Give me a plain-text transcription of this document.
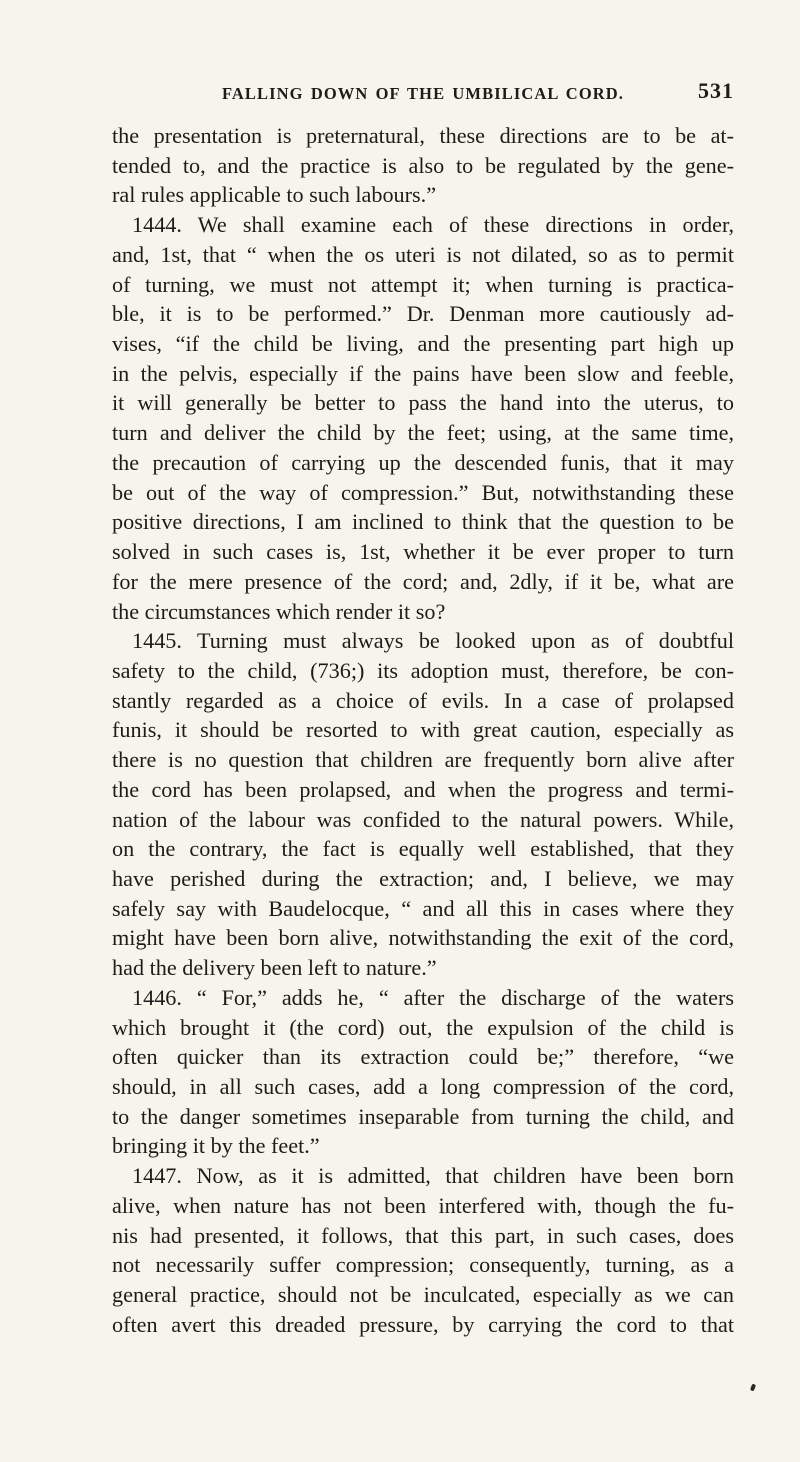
FALLING DOWN OF THE UMBILICAL CORD.	531
the presentation is preternatural, these directions are to be at-
tended to, and the practice is also to be regulated by the gene-
ral rules applicable to such labours.”
1444. We shall examine each of these directions in order,
and, 1st, that “ when the os uteri is not dilated, so as to permit
of turning, we must not attempt it; when turning is practica-
ble, it is to be performed.” Dr. Denman more cautiously ad-
vises, “if the child be living, and the presenting part high up
in the pelvis, especially if the pains have been slow and feeble,
it will generally be better to pass the hand into the uterus, to
turn and deliver the child by the feet; using, at the same time,
the precaution of carrying up the descended funis, that it may
be out of the way of compression.” But, notwithstanding these
positive directions, I am inclined to think that the question to be
solved in such cases is, 1st, whether it be ever proper to turn
for the mere presence of the cord; and, 2dly, if it be, what are
the circumstances which render it so?
1445. Turning must always be looked upon as of doubtful
safety to the child, (736;) its adoption must, therefore, be con-
stantly regarded as a choice of evils. In a case of prolapsed
funis, it should be resorted to with great caution, especially as
there is no question that children are frequently born alive after
the cord has been prolapsed, and when the progress and termi-
nation of the labour was confided to the natural powers. While,
on the contrary, the fact is equally well established, that they
have perished during the extraction; and, I believe, we may
safely say with Baudelocque, “ and all this in cases where they
might have been born alive, notwithstanding the exit of the cord,
had the delivery been left to nature.”
1446. “ For,” adds he, “ after the discharge of the waters
which brought it (the cord) out, the expulsion of the child is
often quicker than its extraction could be;” therefore, “we
should, in all such cases, add a long compression of the cord,
to the danger sometimes inseparable from turning the child, and
bringing it by the feet.”
1447. Now, as it is admitted, that children have been born
alive, when nature has not been interfered with, though the fu-
nis had presented, it follows, that this part, in such cases, does
not necessarily suffer compression; consequently, turning, as a
general practice, should not be inculcated, especially as we can
often avert this dreaded pressure, by carrying the cord to that
